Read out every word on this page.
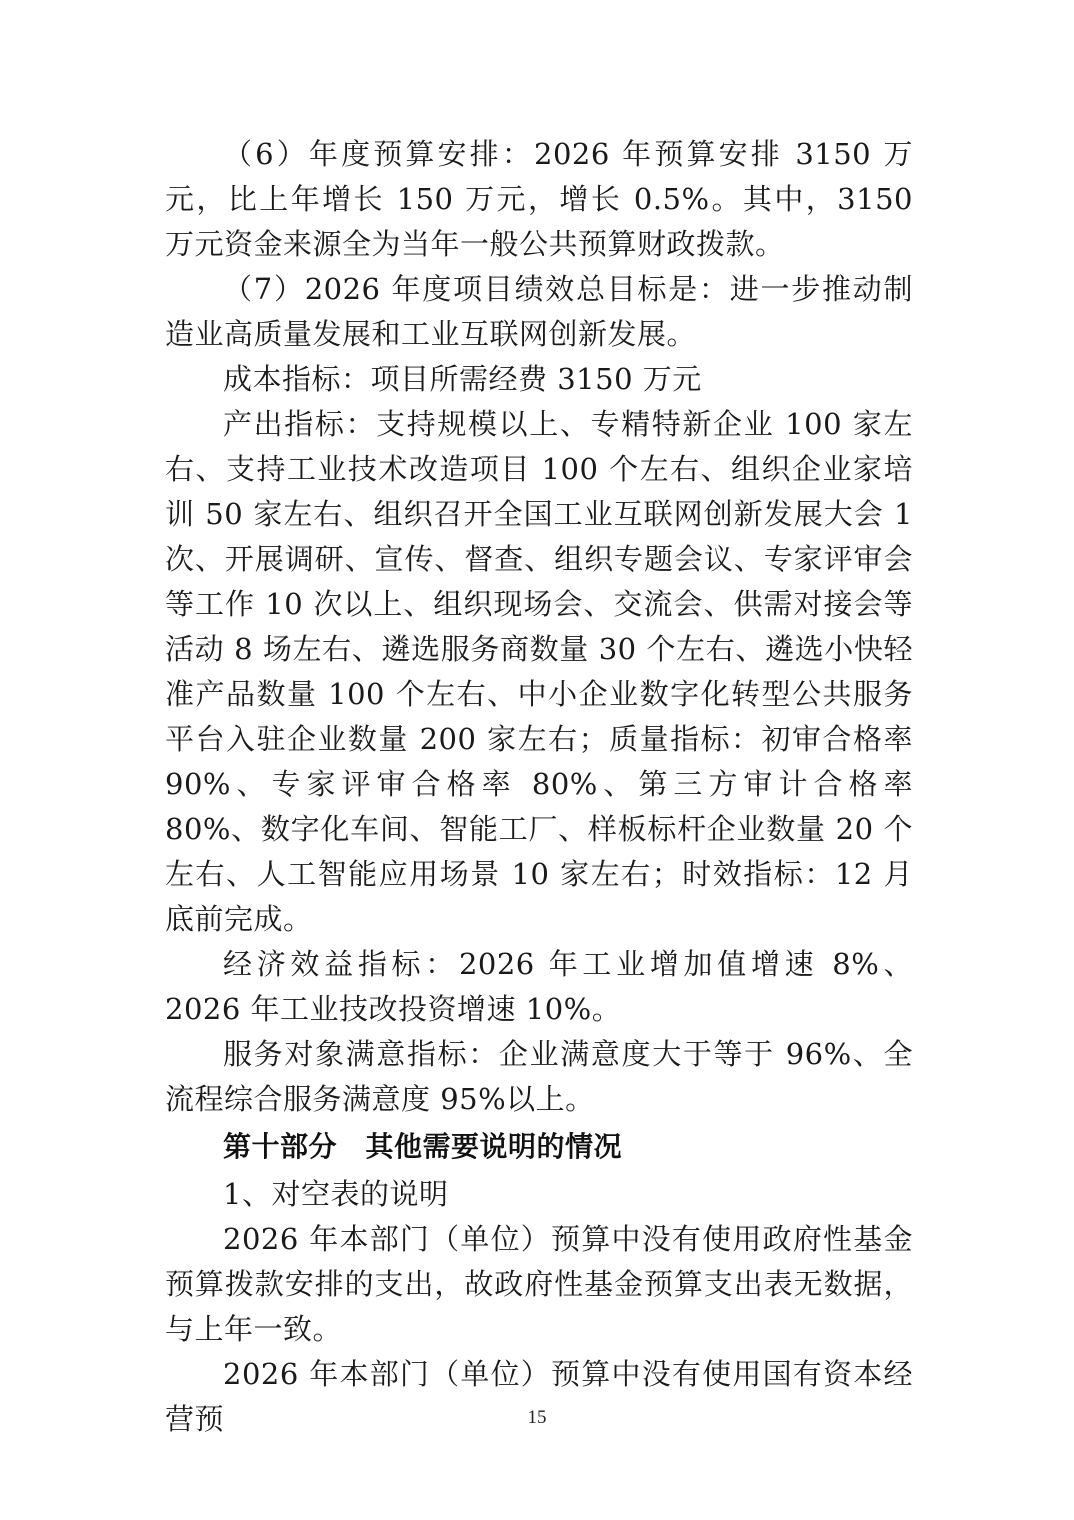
（6）年度预算安排：2026 年预算安排 3150 万元，比上年增长 150 万元，增长 0.5%。其中，3150 万元资金来源全为当年一般公共预算财政拨款。

（7）2026 年度项目绩效总目标是：进一步推动制造业高质量发展和工业互联网创新发展。

成本指标：项目所需经费 3150 万元

产出指标：支持规模以上、专精特新企业 100 家左右、支持工业技术改造项目 100 个左右、组织企业家培训 50 家左右、组织召开全国工业互联网创新发展大会 1 次、开展调研、宣传、督查、组织专题会议、专家评审会等工作 10 次以上、组织现场会、交流会、供需对接会等活动 8 场左右、遴选服务商数量 30 个左右、遴选小快轻准产品数量 100 个左右、中小企业数字化转型公共服务平台入驻企业数量 200 家左右；质量指标：初审合格率 90%、专家评审合格率 80%、第三方审计合格率 80%、数字化车间、智能工厂、样板标杆企业数量 20 个左右、人工智能应用场景 10 家左右；时效指标：12 月底前完成。

经济效益指标：2026 年工业增加值增速 8%、2026 年工业技改投资增速 10%。

服务对象满意指标：企业满意度大于等于 96%、全流程综合服务满意度 95%以上。

第十部分　其他需要说明的情况

1、对空表的说明

2026 年本部门（单位）预算中没有使用政府性基金预算拨款安排的支出，故政府性基金预算支出表无数据，与上年一致。

2026 年本部门（单位）预算中没有使用国有资本经营预	15
